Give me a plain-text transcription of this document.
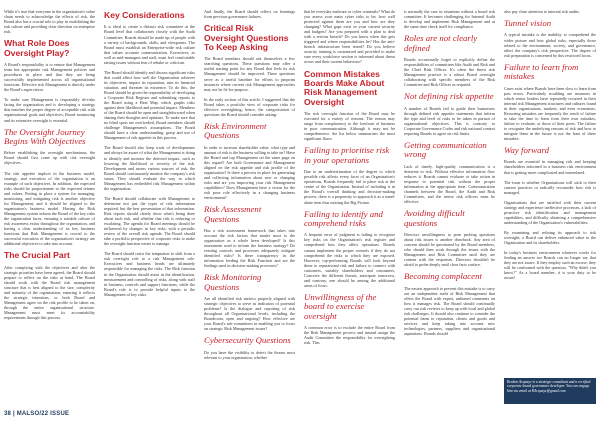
While it's true that everyone in the organisation's value chain needs to acknowledge the effects of risk, the Board also has a crucial role to play in establishing the risk culture and providing clear direction on enterprise risk.

What Role Does Oversight Play?

A Board's responsibility is to ensure that Management team has appropriate risk Management policies and procedures in place and that they are being successfully implemented across all organisational functions. Effective risk Management is directly under the Board's supervision.

To make sure Management is responsibly de-risks facing the organisation and is developing a strategy that matches the proper degree of acceptable risk with organisational goals and objectives, Board monitoring and its extensive oversight is essential.

The Oversight Journey Begins With Objectives

Before establishing the oversight mechanisms, the Board should first come up with risk oversight objectives.

The risk appetite implicit in the business model, strategy, and execution of the organisation is an example of such objectives. In addition, the expected risks should be proportionate to the expected returns and values. Putting in place a system for managing, monitoring, and mitigating risk is another objective for Management, and it should be aligned to the organisation's business model. Having the Risk Management system inform the Board of the key risks the organisation faces, ensuring a suitable culture of risk awareness exists throughout the organisation, and having a clear understanding of its key business functions that Risk Management is crucial to the successful execution of the organisation's strategy are additional objectives to take into account.

The Crucial Part

After complying with the objectives and after the strategic priorities have been agreed, the Board should prepare to reflect on the risks at hand. The Board should work with the Board risk management structure that is best aligned to the size, complexity and maturity of the organisation, ensuring it reflects the strategic intentions, or both Board and Management agree on the risk profile to be taken on, through the entire organisational structure. Management must meet its accountability requirements through this process.

Key Considerations

It is ideal to create a distinct risk committee at the Board level that collaborates closely with the Audit Committee. Boards should be made up of people with a variety of backgrounds, skills, and viewpoints. The Board must establish an Enterprise-wide risk culture that values accurate communication. Executives, as well as mid-managers and staff, must feel comfortable raising issues without fear of rebuke or criticism.

The Board should identify and discuss significant risks that could affect how well the Organisation achieves its objectives, impact its reputation, ruin its financial situation, and threaten its existence. To do this, the Board should be given the responsibility of developing a Corporate Risk Register and submitting reports to the Board using a Heat Map, which graphs risks against their likelihood and potential impact. Members of the Board should be open and straightforward when sharing their thoughts and opinions. To make sure that no blind spots are overlooked, Board members should challenge Management's assumptions. The Board should have a clear understanding, grasp and use of Management of risk appetite in this process.

The Board should also keep track of developments and always be aware of what the Management is doing to identify and monitor the detected impact, such as lowering the likelihood or severity of the risk. Development and assess various sources of risk, the Board should continuously monitor the company's risk status. They should evaluate the way in which Management has embedded risk Management within the organisation.

The Board should collaborate with Management to determine not just the types of risk information required, but the best presentation of that information. Risk reports should clearly show what's being done about each risk, and whether that risk is reducing or escalating. The agenda for Board meetings should be influenced by changes in key risks, with a periodic review of the overall risk agenda. The Board should take a portfolio perspective of corporate risks to make the oversight function easier to manage.

The Board should resist the temptation to shift from a risk oversight role to a risk Management role. Executives and business heads are ultimately responsible for managing the risks. The Risk function in the Organisation should assist in the identification, measurement and controlling of risks, along with staff in business, controls and support functions, while the Board's role is to provide helpful inputs to the Management of key risks.

And finally, the Board should reflect on learnings from previous governance failures.

Critical Risk Oversight Questions To Keep Asking

The Board members should ask themselves a few searching questions. These questions may offer a useful starting point for any Board that feels its risk Management should be improved. These questions serve as a useful baseline for efforts to pinpoint instances where current risk Management approaches may not be fit-for-purpose.

In the early section of this article, I suggested that the Board takes a portfolio view of corporate risks for effective oversighting; hence, the categorisation of questions the Board should consider asking:

Risk Environment Questions

In order to increase shareholder value, what type and amount of risk is the business willing to take on? Have the Board and top Management set the same page on this regard? Are both Governance and Management aligned on the risk appetite and risk profile of the organisation? Is there a process in place for generating and collecting information about new or changing risks and are you improving your risk Management capabilities? Does Management have a vision for the risk pose role effectively in a changing business environment?

Risk Assessment Questions

Has a risk assessment framework that takes into account the risk factors that matter most to the organisation as a whole been developed? Is this assessment used to inform the business strategy? Do existing controls and processes adequately mitigate identified risks? Is there transparency in the information feeding the Risk Function and are the findings used in decision-making processes?

Risk Monitoring Questions

Are all identified risk metrics properly aligned with strategic objectives to serve as indicators of potential problems? Is the dialogue and reporting of risk throughout all Organisational levels, including the Boardroom, open and ongoing? How effective are your Board's sub-committees in enabling you to focus on strategic Risk Management issues?

Cybersecurity Questions

Do you have the visibility to detect the threats most relevant to your organisation, whether

that be everyday malware or cyber criminals? What do you assess your main cyber risks to be; how well protected against them are you and how are they changing? What gaps exist in your current security and budgets? Are you prepared with a plan to deal with a serious breach? Do you know when this gets triggered and where responsibilities lie? Has the anti-breach infrastructure been tested? Do you believe security training is customised and provided to make sure every workforce section is informed about threat actors and their current behaviour?

Common Mistakes Boards Make About Risk Management Oversight

The risk oversight function of the Board may be executed for a variety of reasons. The reason may range from complacency to the forefront of business in poor communication. Although it may not be comprehensive, the list below summarises the most significant flaws.

Failing to prioritise risk in your operations

Due to an underestimation of the degree to which possible risk affects every facet of an Organisation's operations, Boards frequently fail to place risk at the centre of the Organisation. Instead of including it in the Board's overall thinking and decision-making process, there is a propensity to approach it as a stand-alone item thus missing the Big Picture.

Failing to identify and comprehend risks

A frequent error of judgment is failing to recognise key risks on the Organisation's risk register and comprehend how they affect operations. Boards cannot implement the proper controls if they do not comprehend the risks to which they are exposed. However, top-performing Boards will look beyond these to reputational risk and failure to connect with customers, suitably shareholders and consumers, Conceive the different threats, anticipate tomorrow, and contrary, one should be among the additional areas of focus.

Unwillingness of the board to exercise oversight

A common error is to exclude the entire Board from the Risk Management process and instead assign the Audit Committee the responsibility for oversighting risk. This

is normally the case in situations without a board risk committee. It becomes challenging for Internal Audit to develop and implement Risk Management and at the same time check itself for compliance.

Roles are not clearly defined

Boards occasionally forget to explicitly define the responsibilities of committees like Audit and Risk and the Chief Risk Officer. It's often the finest risk Management practice is a robust Board oversight collaborating with specific members of the Risk Committee and Risk Officer as required.

Not defining risk appetite

A number of Boards fail to guide their businesses through defined risk appetite statements that inform the type and level of risks to be taken in pursuit of organisational objectives. This is contrary to Corporate Governance Codes and risk national context requiring Boards to agree on risk limits.

Getting communication wrong

Lack of timely, high-quality communication is a deterrent to risk. Without effective information flow reduces it. Boards cannot evaluate or take action in response to potential risk without the proper information at the appropriate time. Communication channels between the Board, the Audit and Risk Committees, and the senior risk officers must be effective.

Avoiding difficult questions

Directors unwillingness to pose probing questions about risk issues is another drawback. Any area of concern should be questioned by the Board members, who should then work through the issues with the Management and Risk Committee until they are content with the responses. Directors shouldn't be afraid to probe deeply until clear facts surface.

Becoming complacent

The easiest approach to prevent this mistake is to carry out an independent audit of Risk Management that offers the Board with expert, unbiased comments on how it manages risk. The Board should continually carry out risk reviews to keep up with local and global risk challenges. It should also continue to consider the potential harm to reputation, clients and goods and services and keep taking into account new technologies, partners, suppliers and organisational aspirations. Boards should

also pay close attention to internal risk audits.

Tunnel vision

A typical mistake is the inability to comprehend the wider picture and how global risks, especially those related to the environment, society, and governance, affect the company's risk perspective. The degree of risk preparation is concerned by this restricted focus.

Failure to learn from mistakes

Cases exist where Boards have been slow to learn from past errors. Particularly troubling are instances in which senior leaders have repeatedly recurred in their internal risk Management structures and cultures found in their organisations, markets, and even economies. Recurring mistakes are frequently the result of failure to take the time to learn from their own mistakes, failure to evaluate, or those of their peers. The failure to recognise the underlying reasons of risk and how to mitigate them in the future is not the least of these mistakes.

Way forward

Boards are essential in managing risk and keeping shareholders informed in a business risk environment that is getting more complicated and interrelated.

The issue is whether Organisations will stick to their current practices or radically reconsider how risk is managed.

Organisations that are satisfied with their current strategy and experience ineffective processes, a lack of proactive risk identification and management capabilities, and difficulty obtaining a comprehensive understanding of the Organisation's vulnerabilities.

By examining and refining its approach to risk oversight, a Board can deliver enhanced value to the Organisation and its shareholders.

In today's business environment whatever works for finding an answer too Boards can no longer say that they are not aware. If they employ such an excuse, they will be confronted with the question, "Why didn't you know?" As a board member, it is your duty to be aware!

Reuben Acquaye is a strategic consultant and a certified corporate board governance developer. You can engage him via email at RAcquaye@gmail.com

38 | MALSO/22 ISSUE
